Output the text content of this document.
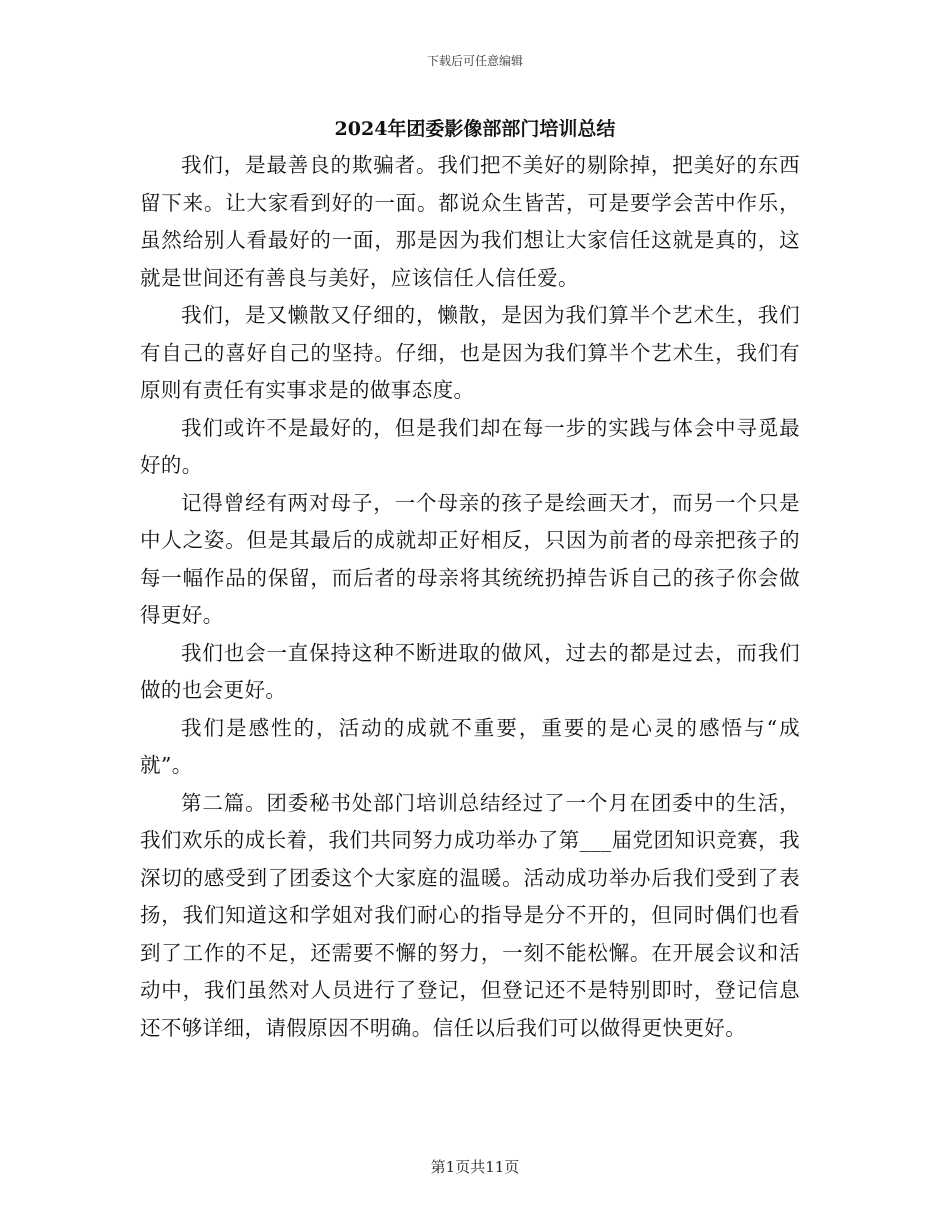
下载后可任意编辑
2024年团委影像部部门培训总结

我们，是最善良的欺骗者。我们把不美好的剔除掉，把美好的东西留下来。让大家看到好的一面。都说众生皆苦，可是要学会苦中作乐，虽然给别人看最好的一面，那是因为我们想让大家信任这就是真的，这就是世间还有善良与美好，应该信任人信任爱。

我们，是又懒散又仔细的，懒散，是因为我们算半个艺术生，我们有自己的喜好自己的坚持。仔细，也是因为我们算半个艺术生，我们有原则有责任有实事求是的做事态度。

我们或许不是最好的，但是我们却在每一步的实践与体会中寻觅最好的。

记得曾经有两对母子，一个母亲的孩子是绘画天才，而另一个只是中人之姿。但是其最后的成就却正好相反，只因为前者的母亲把孩子的每一幅作品的保留，而后者的母亲将其统统扔掉告诉自己的孩子你会做得更好。

我们也会一直保持这种不断进取的做风，过去的都是过去，而我们做的也会更好。

我们是感性的，活动的成就不重要，重要的是心灵的感悟与“成就”。

第二篇。团委秘书处部门培训总结经过了一个月在团委中的生活，我们欢乐的成长着，我们共同努力成功举办了第___届党团知识竞赛，我深切的感受到了团委这个大家庭的温暖。活动成功举办后我们受到了表扬，我们知道这和学姐对我们耐心的指导是分不开的，但同时偶们也看到了工作的不足，还需要不懈的努力，一刻不能松懈。在开展会议和活动中，我们虽然对人员进行了登记，但登记还不是特别即时，登记信息还不够详细，请假原因不明确。信任以后我们可以做得更快更好。

第1页共11页
